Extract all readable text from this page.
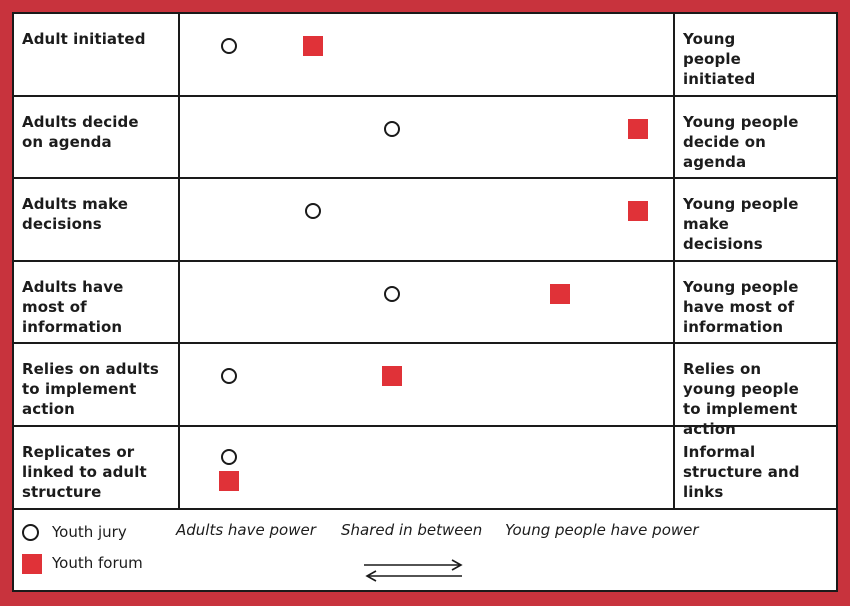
Adult initiated	Young people initiated
Adults decide on agenda
Young people decide on agenda
Adults make decisions
Young people make decisions
Adults have most of information
Young people have most of information
Relies on adults to implement action
Relies on young people to implement action
Replicates or linked to adult structure
Informal structure and links
Youth jury
Youth forum
Adults have power Shared in between Young people have power
